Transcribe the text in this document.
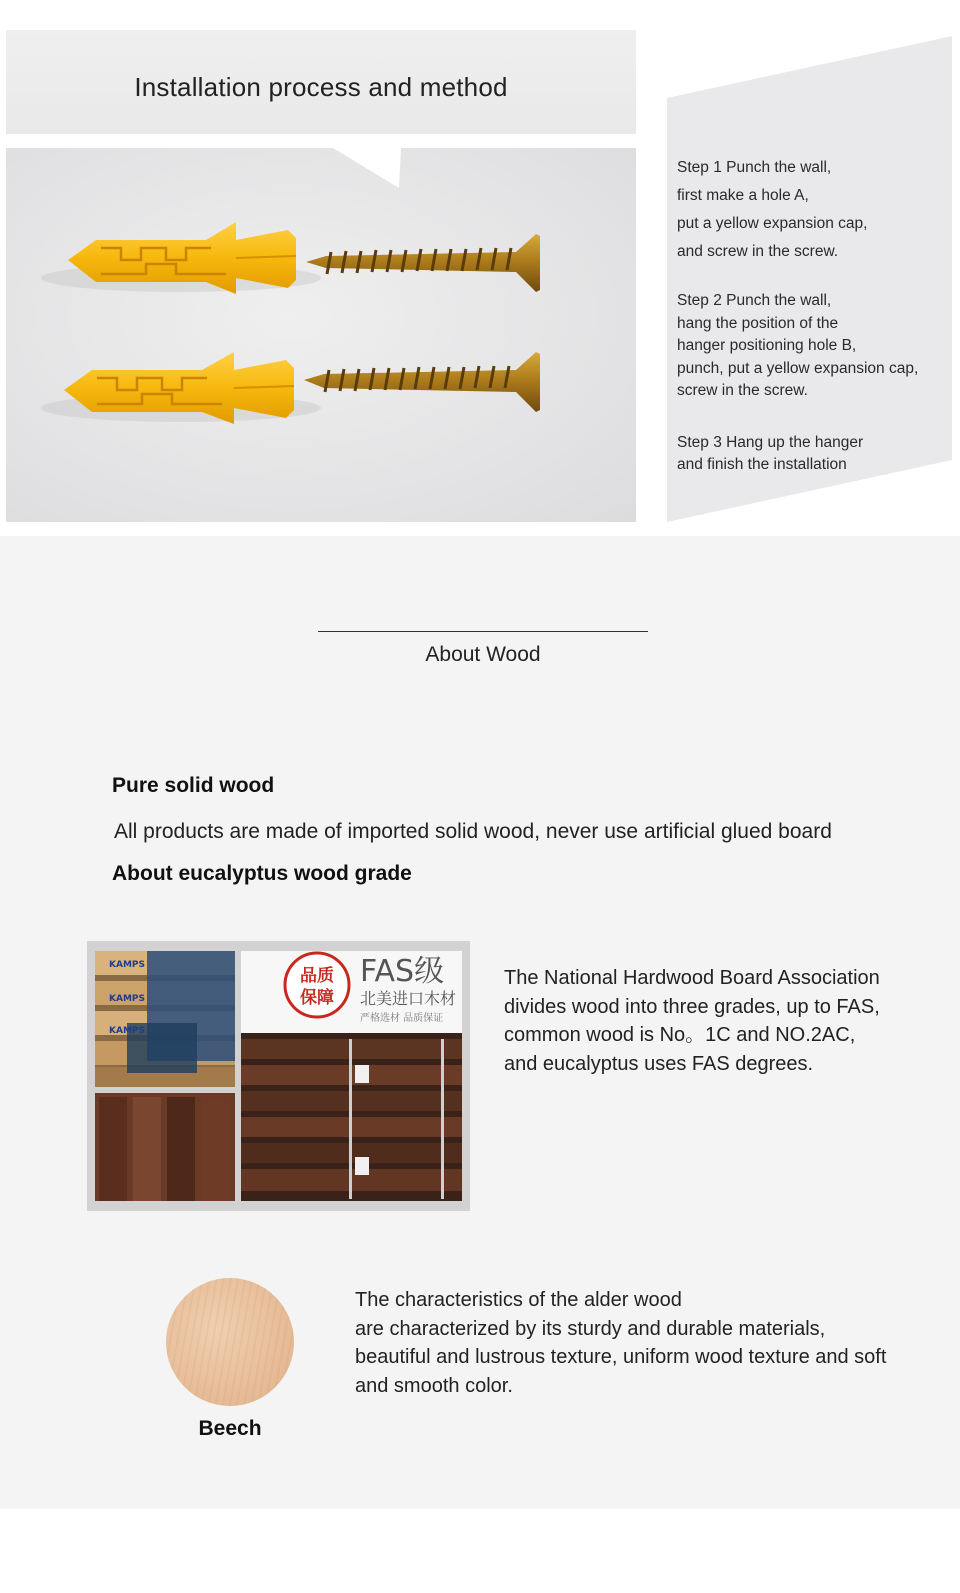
Installation process and method
Step 1 Punch the wall,
first make a hole A,
put a yellow expansion cap,
and screw in the screw.
Step 2 Punch the wall,
hang the position of the
hanger positioning hole B,
punch, put a yellow expansion cap,
screw in the screw.
Step 3 Hang up the hanger
and finish the installation
About Wood
Pure solid wood
All products are made of imported solid wood, never use artificial glued board
About eucalyptus wood grade
KAMPS
KAMPS
KAMPS
品质
保障
FAS级
北美进口木材
严格选材 品质保证
The National Hardwood Board Association
divides wood into three grades, up to FAS,
common wood is No。1C and NO.2AC,
and eucalyptus uses FAS degrees.
Beech
The characteristics of the alder wood
are characterized by its sturdy and durable materials,
beautiful and lustrous texture, uniform wood texture and soft
and smooth color.
